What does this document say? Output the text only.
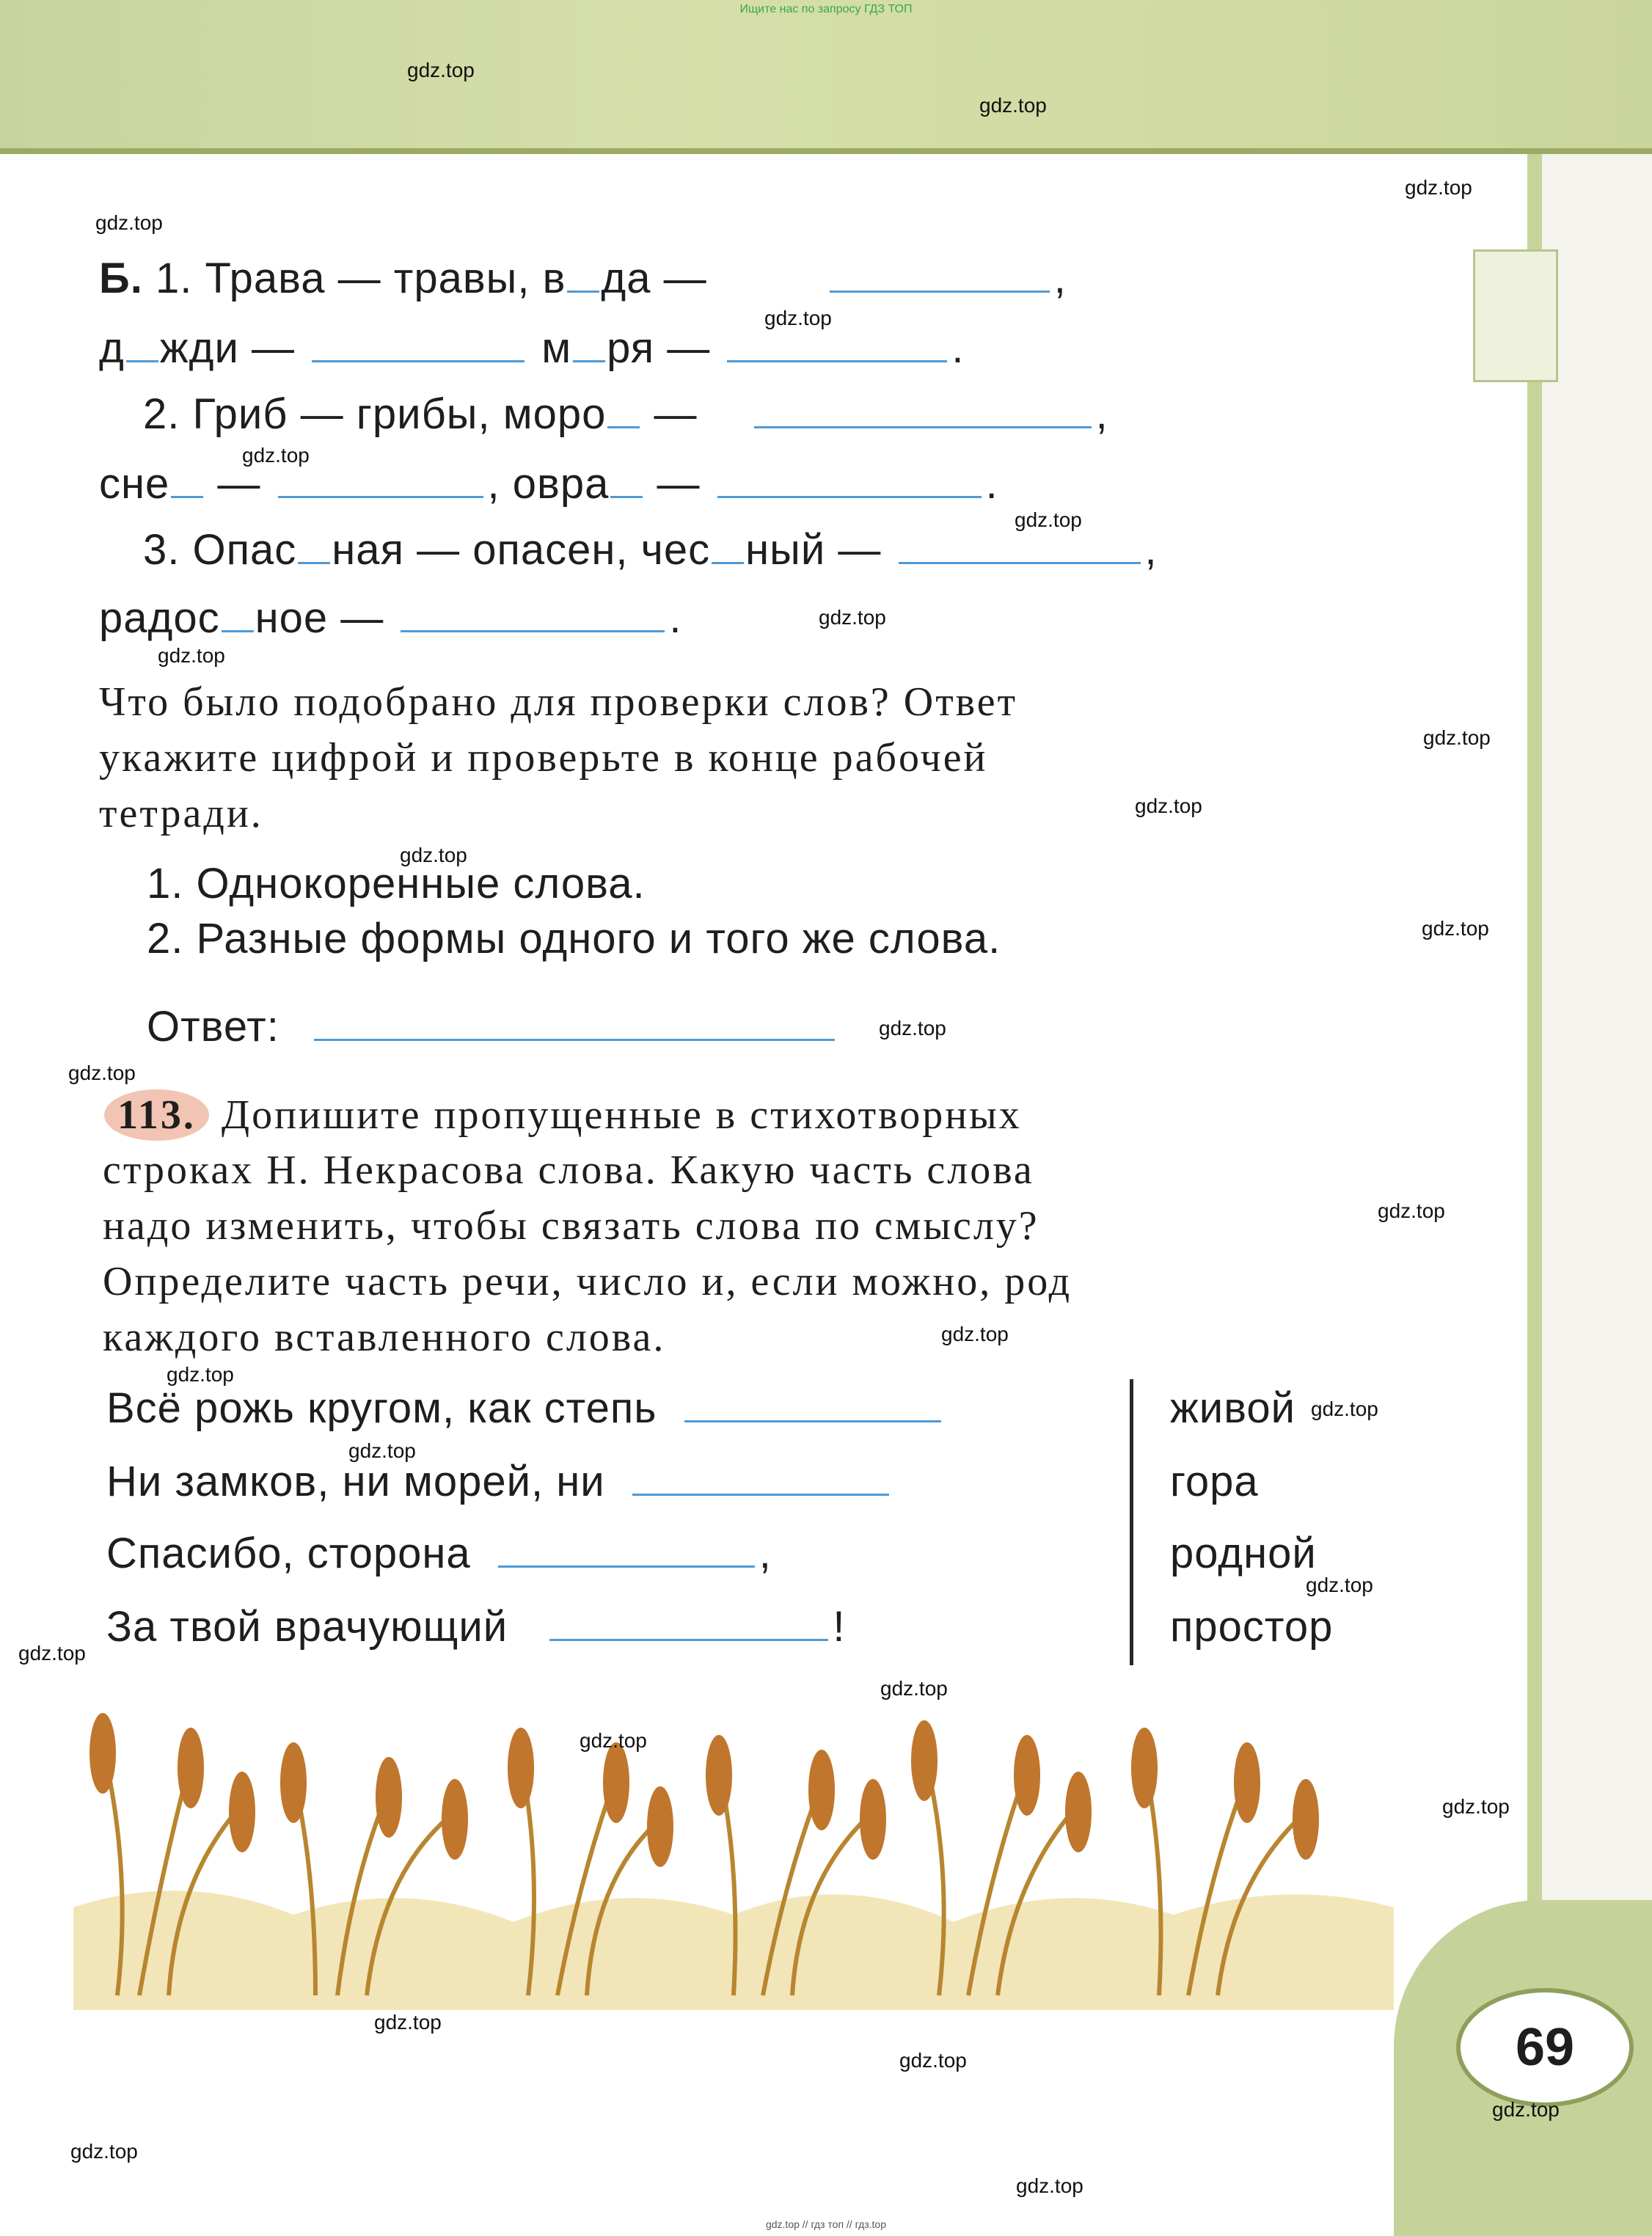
69
Ищите нас по запросу ГДЗ ТОП
Б. 1. Трава — травы, в да —	,
д жди —	м ря —	.
2. Гриб — грибы, моро —	,
сне —	, овра —	.
3. Опас ная — опасен, чес ный —	,
радос ное —	.
Что было подобрано для проверки слов? Ответ
укажите цифрой и проверьте в конце рабочей
тетради.
1. Однокоренные слова.
2. Разные формы одного и того же слова.
Ответ:
113. Допишите пропущенные в стихотворных
строках Н. Некрасова слова. Какую часть слова
надо изменить, чтобы связать слова по смыслу?
Определите часть речи, число и, если можно, род
каждого вставленного слова.
Всё рожь кругом, как степь
Ни замков, ни морей, ни
Спасибо, сторона	,
За твой врачующий	!
живой
гора
родной
простор
gdz.top
gdz.top
gdz.top
gdz.top
gdz.top
gdz.top
gdz.top
gdz.top
gdz.top
gdz.top
gdz.top
gdz.top
gdz.top
gdz.top
gdz.top
gdz.top
gdz.top
gdz.top
gdz.top
gdz.top
gdz.top
gdz.top
gdz.top
gdz.top
gdz.top
gdz.top
gdz.top
gdz.top
gdz.top
gdz.top
gdz.top // гдз топ // гдз.top
